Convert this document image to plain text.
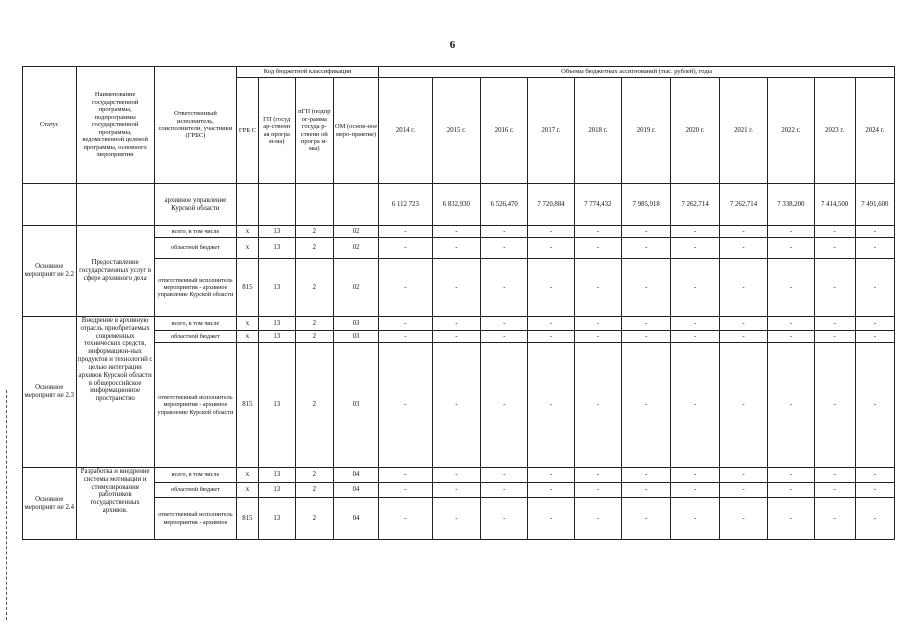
6
Статус	Наименование государственной программы, подпрограммы государственной программы, ведомственной целевой программы, основного мероприятия	Ответственный исполнитель, соисполнители, участники (ГРБС)	Код бюджетной классификации				Объемы бюджетных ассигнований (тыс. рублей), годы										
			ГРБ С	ГП (госуд ар-ственн ая програ м-ма)	пГП (подпр ог-рамма госуда р-ственн ой програ м-мы)	ОМ (основ-ное меро-приятие)	2014 г.	2015 г.	2016 г.	2017 г.	2018 г.	2019 г.	2020 г.	2021 г.	2022 г.	2023 г.	2024 г.
		архивное управление Курской области					6 112 723	6 832,930	6 526,470	7 720,884	7 774,432	7 985,918	7 262,714	7 262,714	7 338,200	7 414,500	7 491,600
Основное мероприят ие 2.2	Предоставление государственных услуг в сфере архивного дела	всего, в том числе	х	13	2	02	-	-	-	-	-	-	-	-	-	-	-
		областной бюджет	х	13	2	02	-	-	-	-	-	-	-	-	-	-	-
		ответственный исполнитель мероприятия - архивное управление Курской области	815	13	2	02	-	-	-	-	-	-	-	-	-	-	-
Основное мероприят ие 2.3	Внедрение в архивную отрасль приобретаемых современных технических средств, информацион-ных продуктов и технологий с целью интеграции архивов Курской области в общероссийское информационное пространство	всего, в том числе	х	13	2	03	-	-	-	-	-	-	-	-	-	-	-
		областной бюджет	х	13	2	03	-	-	-	-	-	-	-	-	-	-	-
		ответственный исполнитель мероприятия - архивное управление Курской области	815	13	2	03	-	-	-	-	-	-	-	-	-	-	-
Основное мероприят ие 2.4	Разработка и внедрение системы мотивации и стимулирования работников государственных архивов.	всего, в том числе	х	13	2	04	-	-	-	-	-	-	-	-	-	-	-
		областной бюджет	х	13	2	04	-	-	-	-	-	-	-	-	-	-	-
		ответственный исполнитель мероприятия - архивное	815	13	2	04	-	-	-	-	-	-	-	-	-	-	-
